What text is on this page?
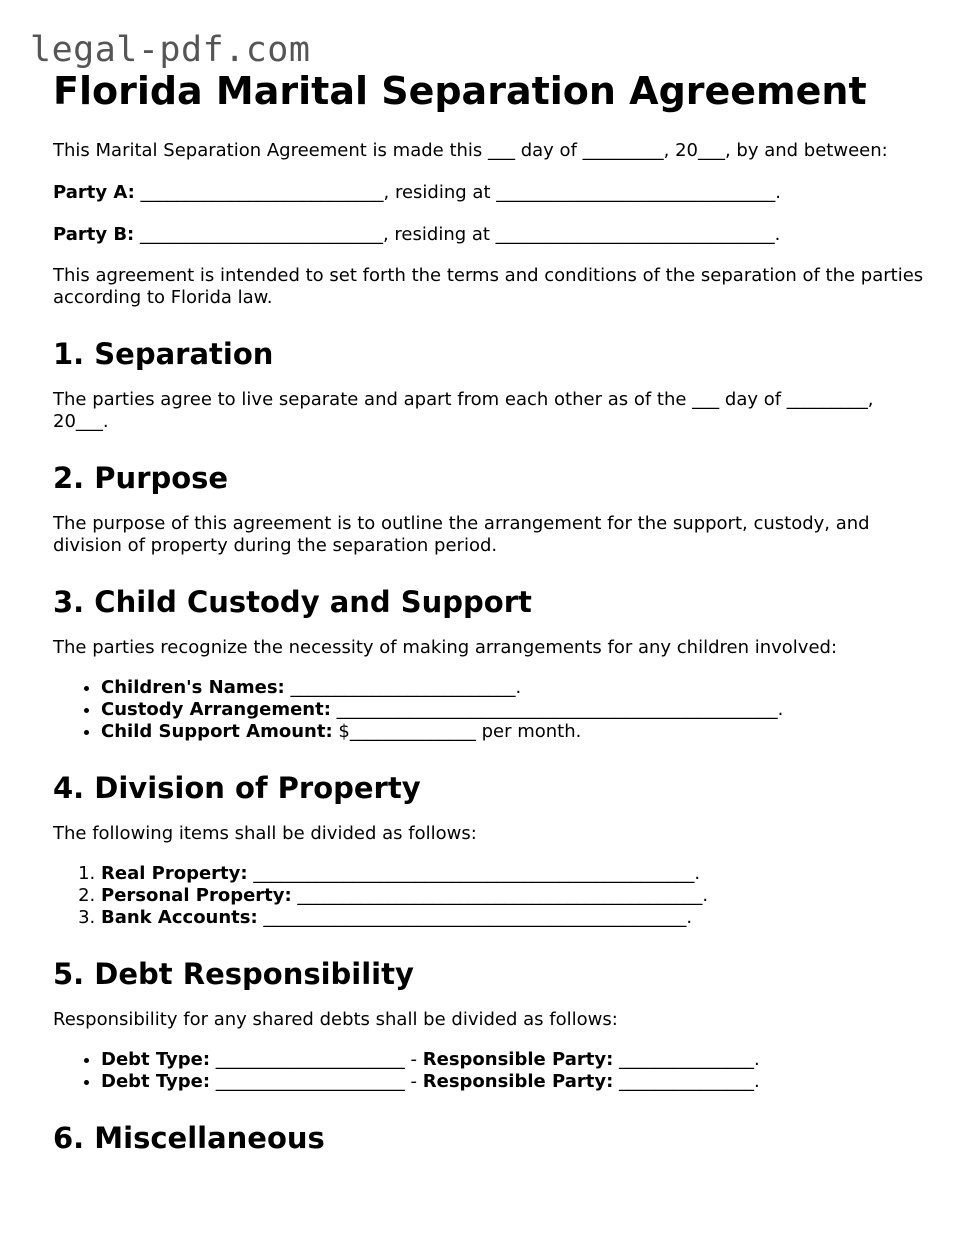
legal-pdf.com
Florida Marital Separation Agreement

This Marital Separation Agreement is made this ___ day of _________, 20___, by and between:

Party A: ___________________________, residing at _______________________________.

Party B: ___________________________, residing at _______________________________.

This agreement is intended to set forth the terms and conditions of the separation of the parties according to Florida law.

1. Separation

The parties agree to live separate and apart from each other as of the ___ day of _________, 20___.

2. Purpose

The purpose of this agreement is to outline the arrangement for the support, custody, and division of property during the separation period.

3. Child Custody and Support

The parties recognize the necessity of making arrangements for any children involved:

• Children's Names: _________________________.
• Custody Arrangement: _________________________________________________.
• Child Support Amount: $______________ per month.
4. Division of Property

The following items shall be divided as follows:

1. Real Property: _________________________________________________.
2. Personal Property: _____________________________________________.
3. Bank Accounts: _______________________________________________.
5. Debt Responsibility

Responsibility for any shared debts shall be divided as follows:

• Debt Type: _____________________ - Responsible Party: _______________.
• Debt Type: _____________________ - Responsible Party: _______________.
6. Miscellaneous
